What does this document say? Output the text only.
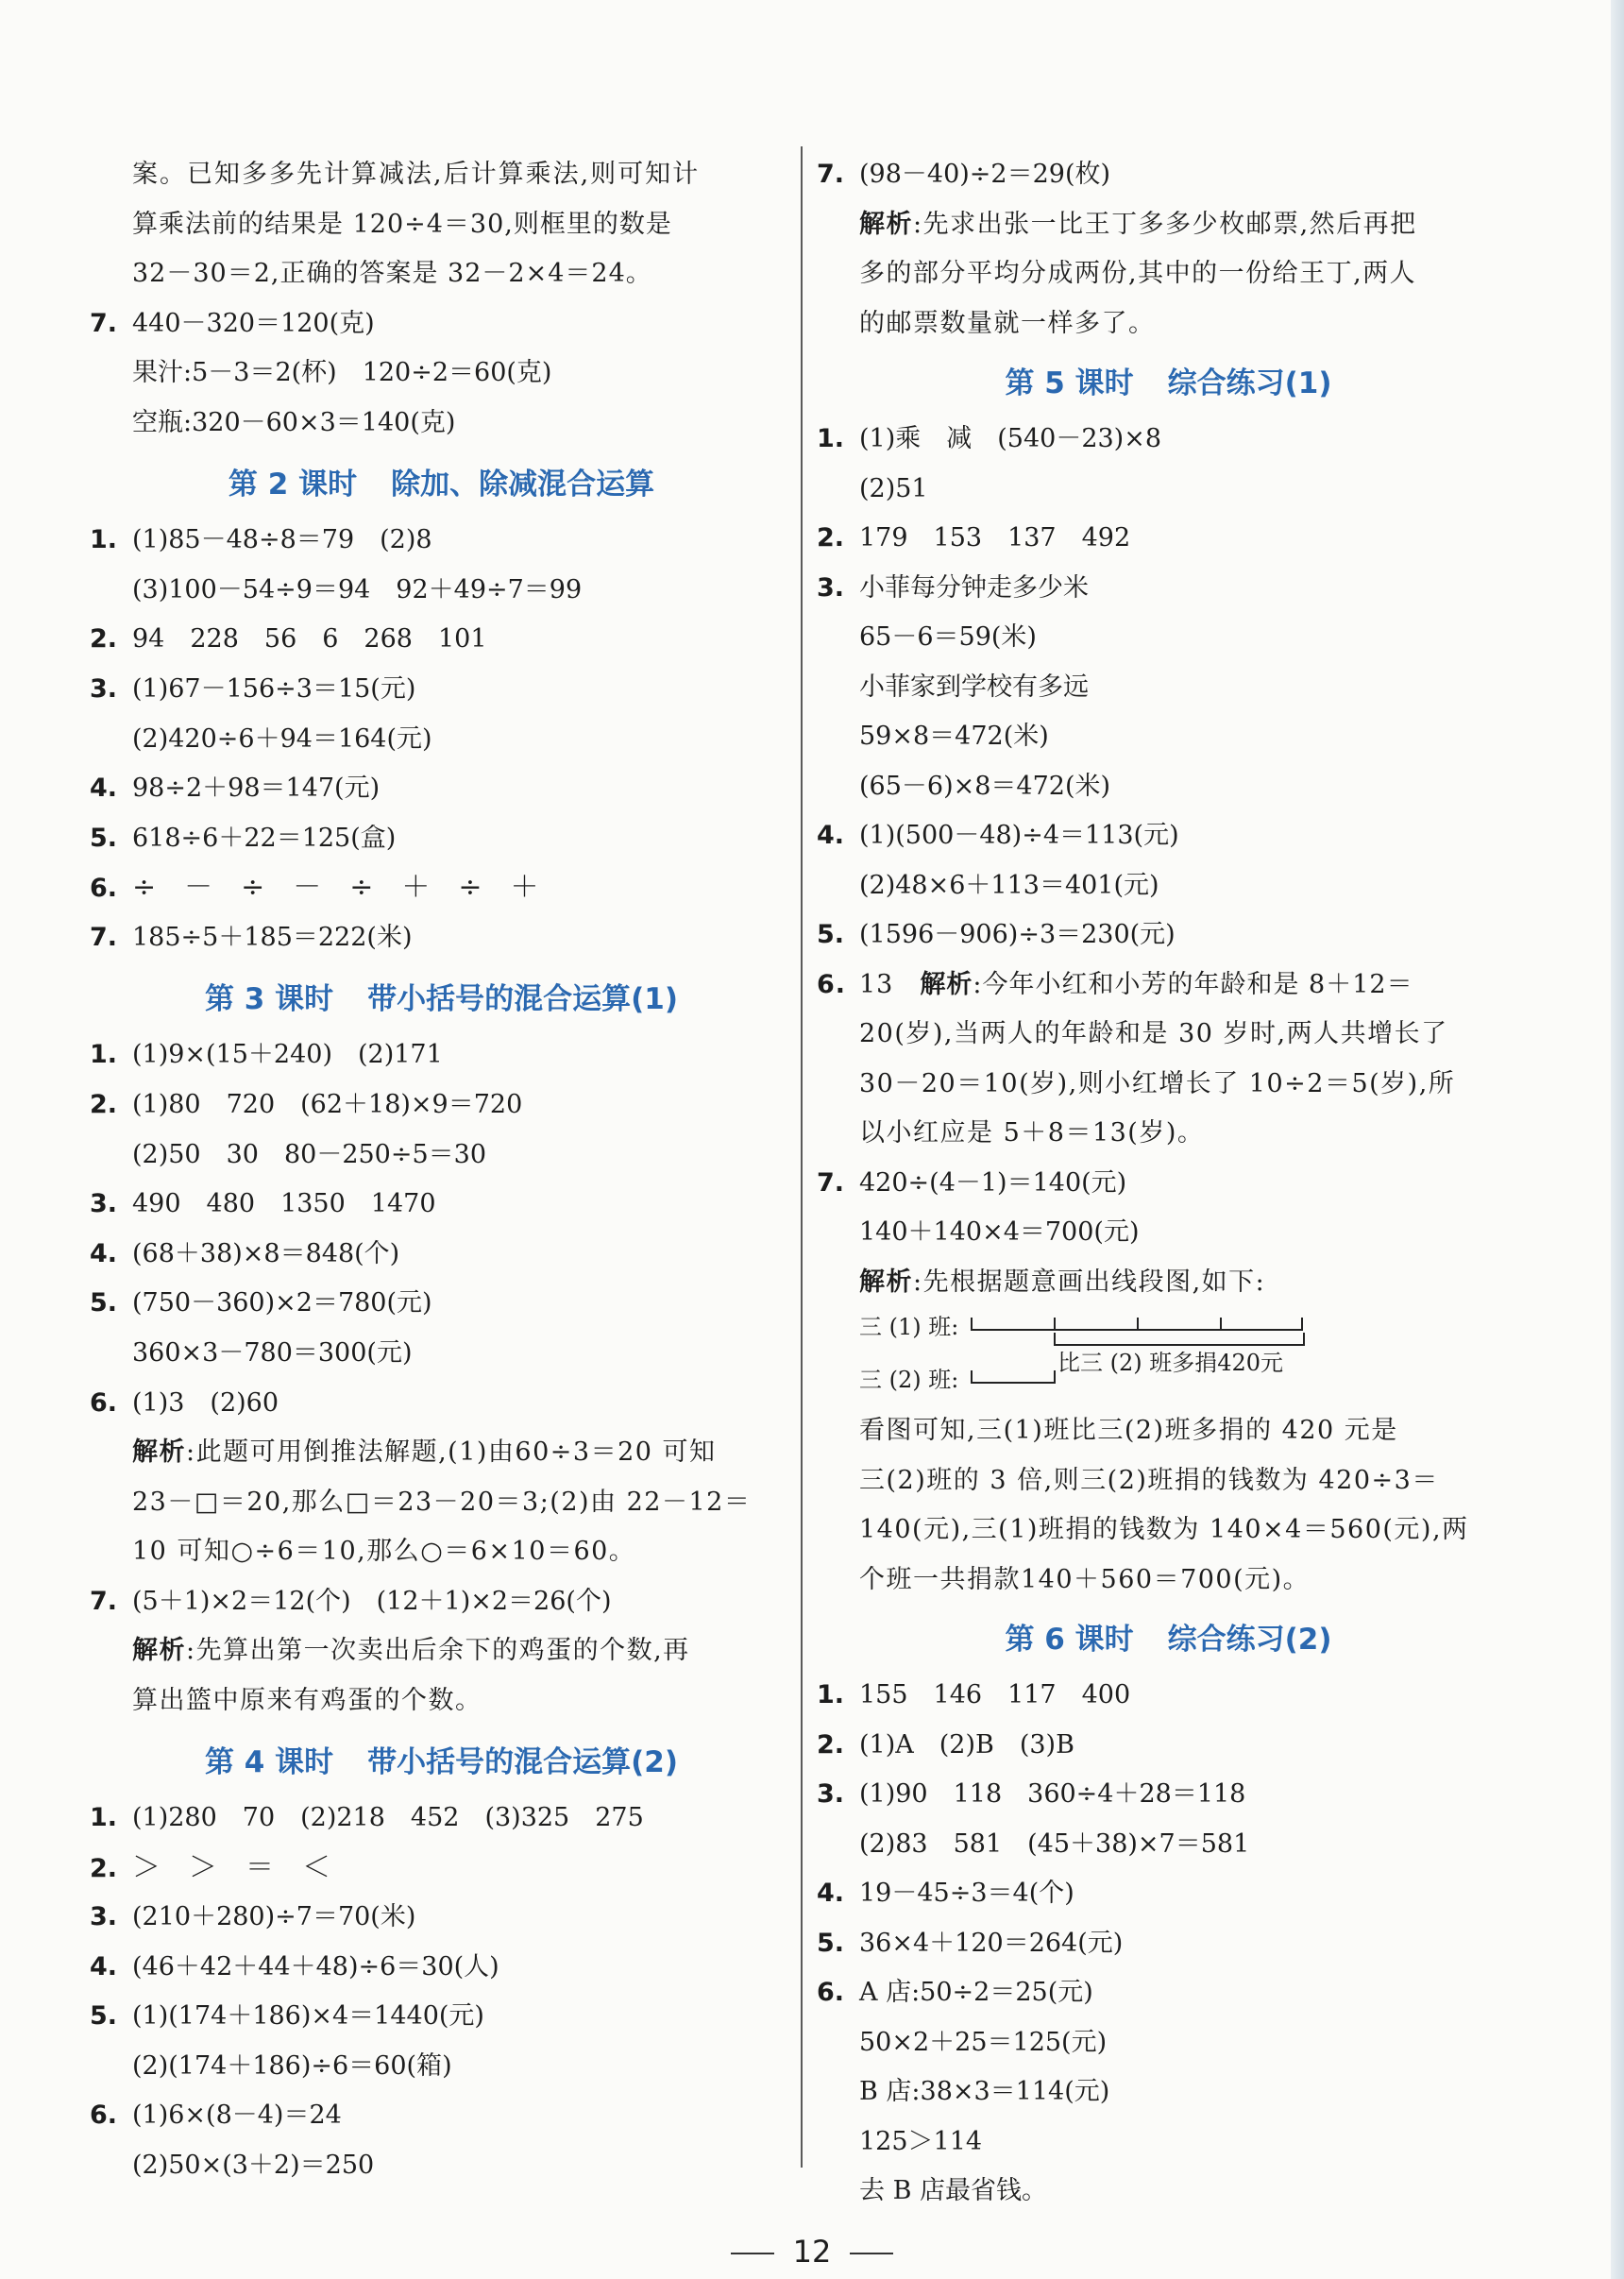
案。已知多多先计算减法,后计算乘法,则可知计
算乘法前的结果是 120÷4＝30,则框里的数是
32－30＝2,正确的答案是 32－2×4＝24。
7. 440－320＝120(克)
果汁:5－3＝2(杯)　120÷2＝60(克)
空瓶:320－60×3＝140(克)
第 2 课时 除加、除减混合运算
1. (1)85－48÷8＝79　(2)8
(3)100－54÷9＝94　92＋49÷7＝99
2. 94　228　56　6　268　101
3. (1)67－156÷3＝15(元)
(2)420÷6＋94＝164(元)
4. 98÷2＋98＝147(元)
5. 618÷6＋22＝125(盒)
6. ÷　－　÷　－　÷　＋　÷　＋
7. 185÷5＋185＝222(米)
第 3 课时 带小括号的混合运算(1)
1. (1)9×(15＋240)　(2)171
2. (1)80　720　(62＋18)×9＝720
(2)50　30　80－250÷5＝30
3. 490　480　1350　1470
4. (68＋38)×8＝848(个)
5. (750－360)×2＝780(元)
360×3－780＝300(元)
6. (1)3　(2)60
解析:此题可用倒推法解题,(1)由60÷3＝20 可知
23－□＝20,那么□＝23－20＝3;(2)由 22－12＝
10 可知○÷6＝10,那么○＝6×10＝60。
7. (5＋1)×2＝12(个)　(12＋1)×2＝26(个)
解析:先算出第一次卖出后余下的鸡蛋的个数,再
算出篮中原来有鸡蛋的个数。
第 4 课时 带小括号的混合运算(2)
1. (1)280　70　(2)218　452　(3)325　275
2. ＞　＞　＝　＜
3. (210＋280)÷7＝70(米)
4. (46＋42＋44＋48)÷6＝30(人)
5. (1)(174＋186)×4＝1440(元)
(2)(174＋186)÷6＝60(箱)
6. (1)6×(8－4)＝24
(2)50×(3＋2)＝250
7. (98－40)÷2＝29(枚)
解析:先求出张一比王丁多多少枚邮票,然后再把
多的部分平均分成两份,其中的一份给王丁,两人
的邮票数量就一样多了。
第 5 课时 综合练习(1)
1. (1)乘　减　(540－23)×8
(2)51
2. 179　153　137　492
3. 小菲每分钟走多少米
65－6＝59(米)
小菲家到学校有多远
59×8＝472(米)
(65－6)×8＝472(米)
4. (1)(500－48)÷4＝113(元)
(2)48×6＋113＝401(元)
5. (1596－906)÷3＝230(元)
6. 13　解析:今年小红和小芳的年龄和是 8＋12＝
20(岁),当两人的年龄和是 30 岁时,两人共增长了
30－20＝10(岁),则小红增长了 10÷2＝5(岁),所
以小红应是 5＋8＝13(岁)。
7. 420÷(4－1)＝140(元)
140＋140×4＝700(元)
解析:先根据题意画出线段图,如下:
三 (1) 班:
比三 (2) 班多捐420元
三 (2) 班:
看图可知,三(1)班比三(2)班多捐的 420 元是
三(2)班的 3 倍,则三(2)班捐的钱数为 420÷3＝
140(元),三(1)班捐的钱数为 140×4＝560(元),两
个班一共捐款140＋560＝700(元)。
第 6 课时 综合练习(2)
1. 155　146　117　400
2. (1)A　(2)B　(3)B
3. (1)90　118　360÷4＋28＝118
(2)83　581　(45＋38)×7＝581
4. 19－45÷3＝4(个)
5. 36×4＋120＝264(元)
6. A 店:50÷2＝25(元)
50×2＋25＝125(元)
B 店:38×3＝114(元)
125＞114
去 B 店最省钱。
12
